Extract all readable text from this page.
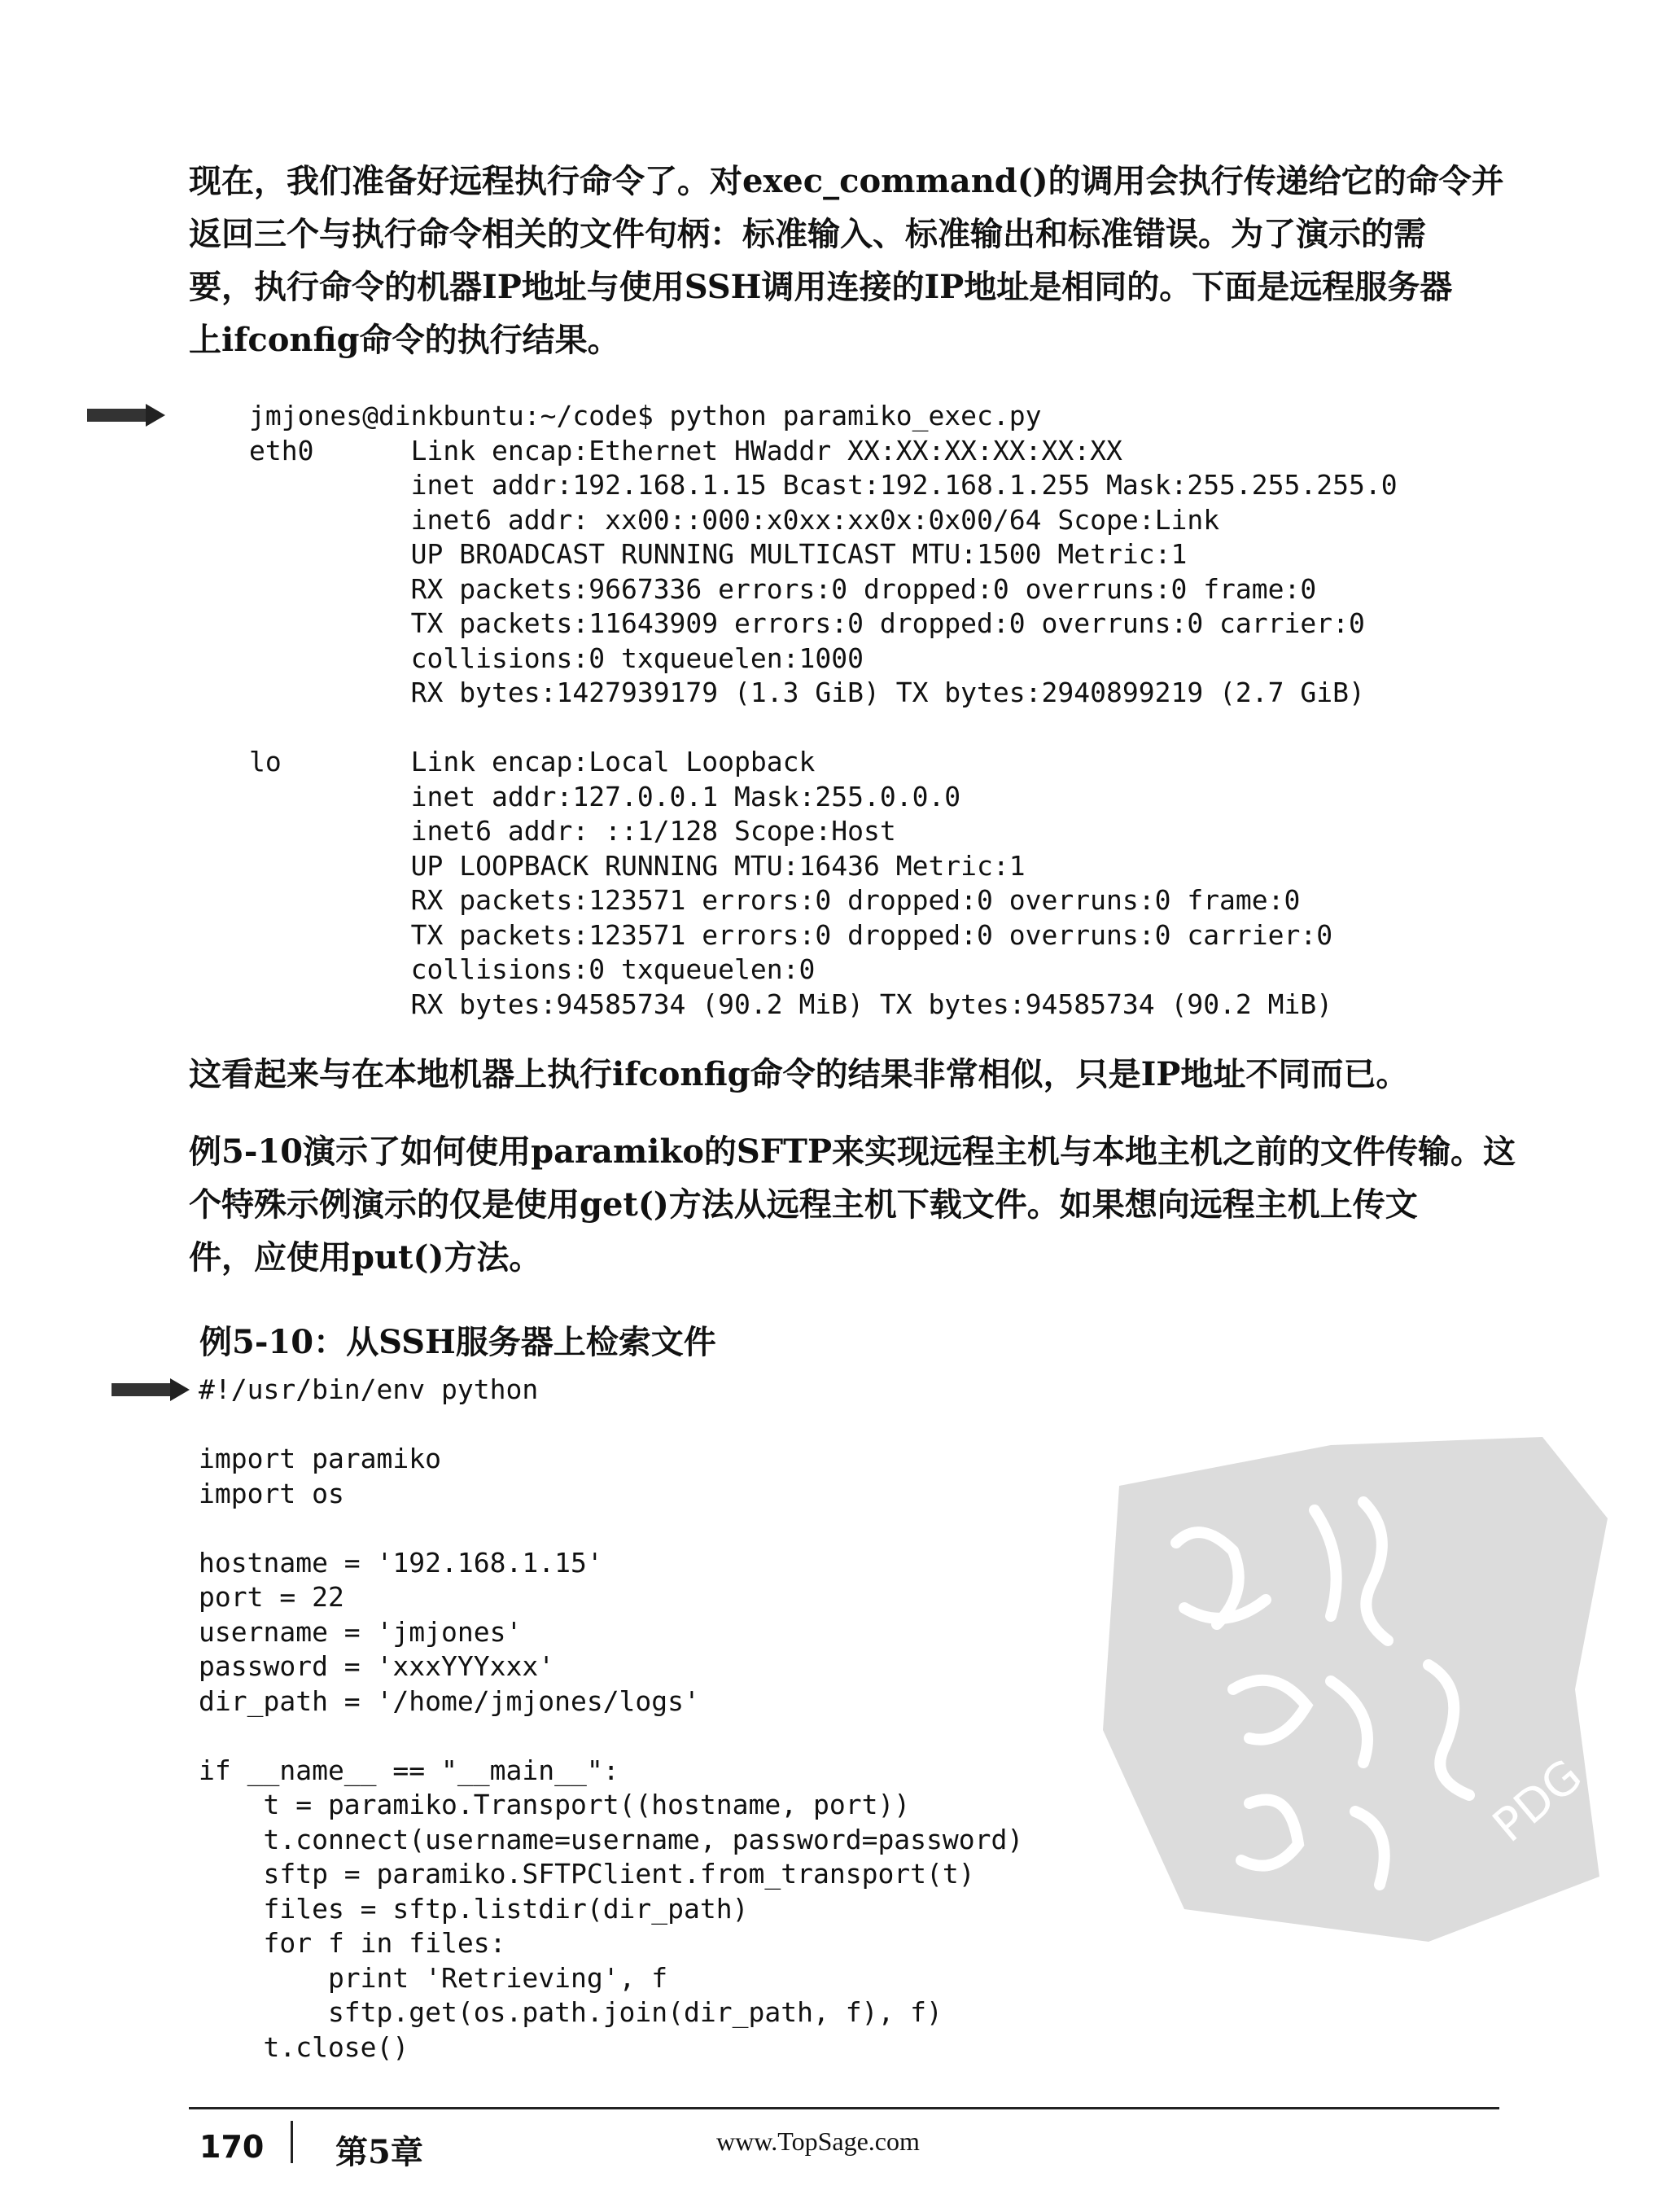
现在，我们准备好远程执行命令了。对exec_command()的调用会执行传递给它的命令并
返回三个与执行命令相关的文件句柄：标准输入、标准输出和标准错误。为了演示的需
要，执行命令的机器IP地址与使用SSH调用连接的IP地址是相同的。下面是远程服务器
上ifconfig命令的执行结果。
jmjones@dinkbuntu:~/code$ python paramiko_exec.py
eth0      Link encap:Ethernet HWaddr XX:XX:XX:XX:XX:XX
inet addr:192.168.1.15 Bcast:192.168.1.255 Mask:255.255.255.0
inet6 addr: xx00::000:x0xx:xx0x:0x00/64 Scope:Link
UP BROADCAST RUNNING MULTICAST MTU:1500 Metric:1
RX packets:9667336 errors:0 dropped:0 overruns:0 frame:0
TX packets:11643909 errors:0 dropped:0 overruns:0 carrier:0
collisions:0 txqueuelen:1000
RX bytes:1427939179 (1.3 GiB) TX bytes:2940899219 (2.7 GiB)

lo        Link encap:Local Loopback
inet addr:127.0.0.1 Mask:255.0.0.0
inet6 addr: ::1/128 Scope:Host
UP LOOPBACK RUNNING MTU:16436 Metric:1
RX packets:123571 errors:0 dropped:0 overruns:0 frame:0
TX packets:123571 errors:0 dropped:0 overruns:0 carrier:0
collisions:0 txqueuelen:0
RX bytes:94585734 (90.2 MiB) TX bytes:94585734 (90.2 MiB)
这看起来与在本地机器上执行ifconfig命令的结果非常相似，只是IP地址不同而已。
例5-10演示了如何使用paramiko的SFTP来实现远程主机与本地主机之前的文件传输。这
个特殊示例演示的仅是使用get()方法从远程主机下载文件。如果想向远程主机上传文
件，应使用put()方法。
例5-10：从SSH服务器上检索文件
#!/usr/bin/env python

import paramiko
import os

hostname = '192.168.1.15'
port = 22
username = 'jmjones'
password = 'xxxYYYxxx'
dir_path = '/home/jmjones/logs'

if __name__ == "__main__":
t = paramiko.Transport((hostname, port))
t.connect(username=username, password=password)
sftp = paramiko.SFTPClient.from_transport(t)
files = sftp.listdir(dir_path)
for f in files:
print 'Retrieving', f
sftp.get(os.path.join(dir_path, f), f)
t.close()
PDG
170 第5章	www.TopSage.com
